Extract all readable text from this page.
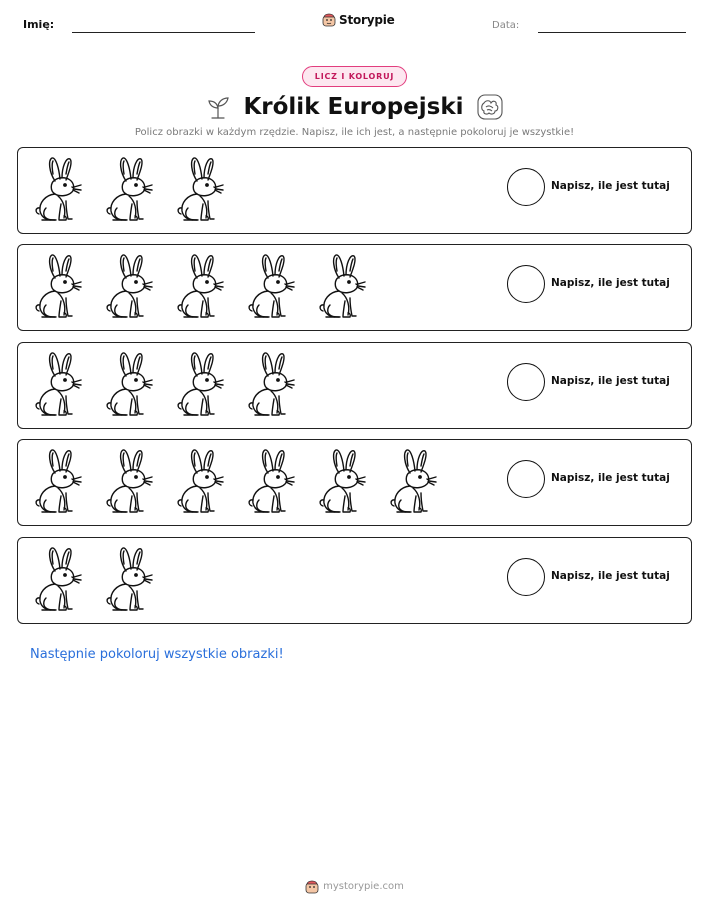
Imię:	Storypie	Data:
LICZ I KOLORUJ
Królik Europejski
Policz obrazki w każdym rzędzie. Napisz, ile ich jest, a następnie pokoloruj je wszystkie!
Napisz, ile jest tutaj
Napisz, ile jest tutaj
Napisz, ile jest tutaj
Napisz, ile jest tutaj
Napisz, ile jest tutaj
Następnie pokoloruj wszystkie obrazki!
mystorypie.com
